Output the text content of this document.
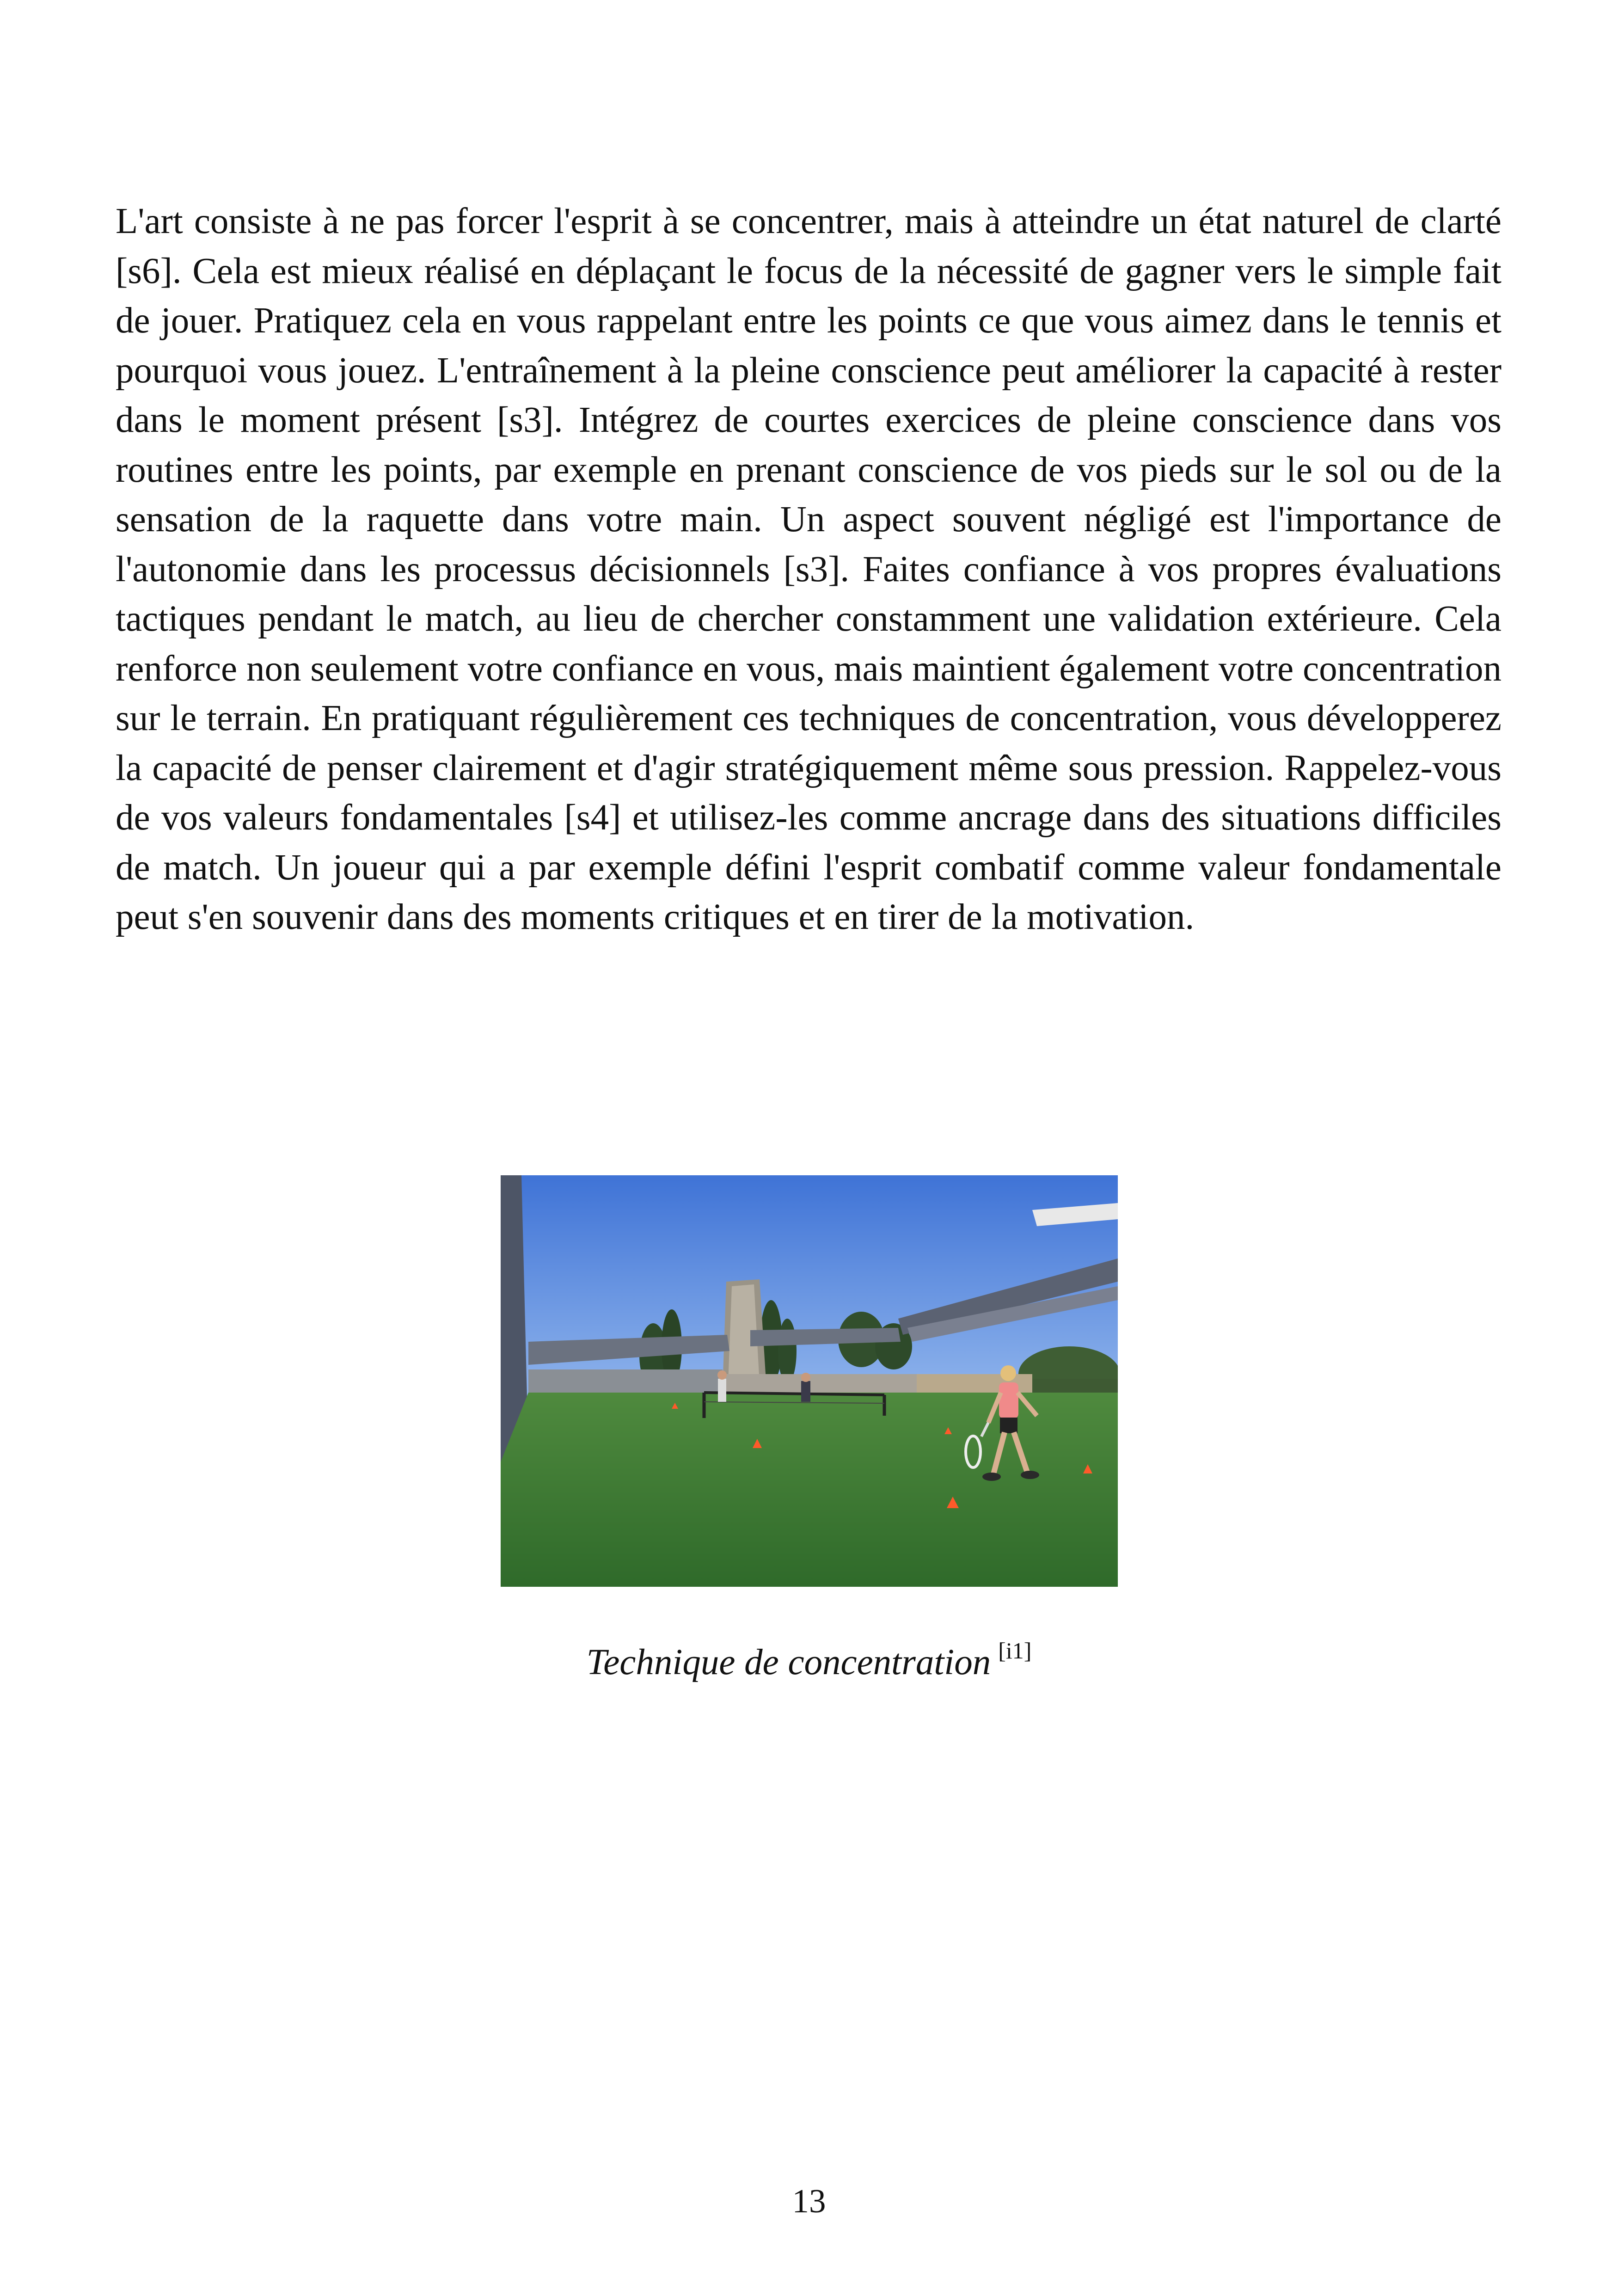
L'art consiste à ne pas forcer l'esprit à se concentrer, mais à atteindre un état naturel de clarté [s6]. Cela est mieux réalisé en déplaçant le focus de la nécessité de gagner vers le simple fait de jouer. Pratiquez cela en vous rappelant entre les points ce que vous aimez dans le tennis et pourquoi vous jouez. L'entraînement à la pleine conscience peut améliorer la capacité à rester dans le moment présent [s3]. Intégrez de courtes exercices de pleine conscience dans vos routines entre les points, par exemple en prenant conscience de vos pieds sur le sol ou de la sensation de la raquette dans votre main. Un aspect souvent négligé est l'importance de l'autonomie dans les processus décisionnels [s3]. Faites confiance à vos propres évaluations tactiques pendant le match, au lieu de chercher constamment une validation extérieure. Cela renforce non seulement votre confiance en vous, mais maintient également votre concentration sur le terrain. En pratiquant régulièrement ces techniques de concentration, vous développerez la capacité de penser clairement et d'agir stratégiquement même sous pression. Rappelez-vous de vos valeurs fondamentales [s4] et utilisez-les comme ancrage dans des situations difficiles de match. Un joueur qui a par exemple défini l'esprit combatif comme valeur fondamentale peut s'en souvenir dans des moments critiques et en tirer de la motivation.

Technique de concentration [i1]
13
